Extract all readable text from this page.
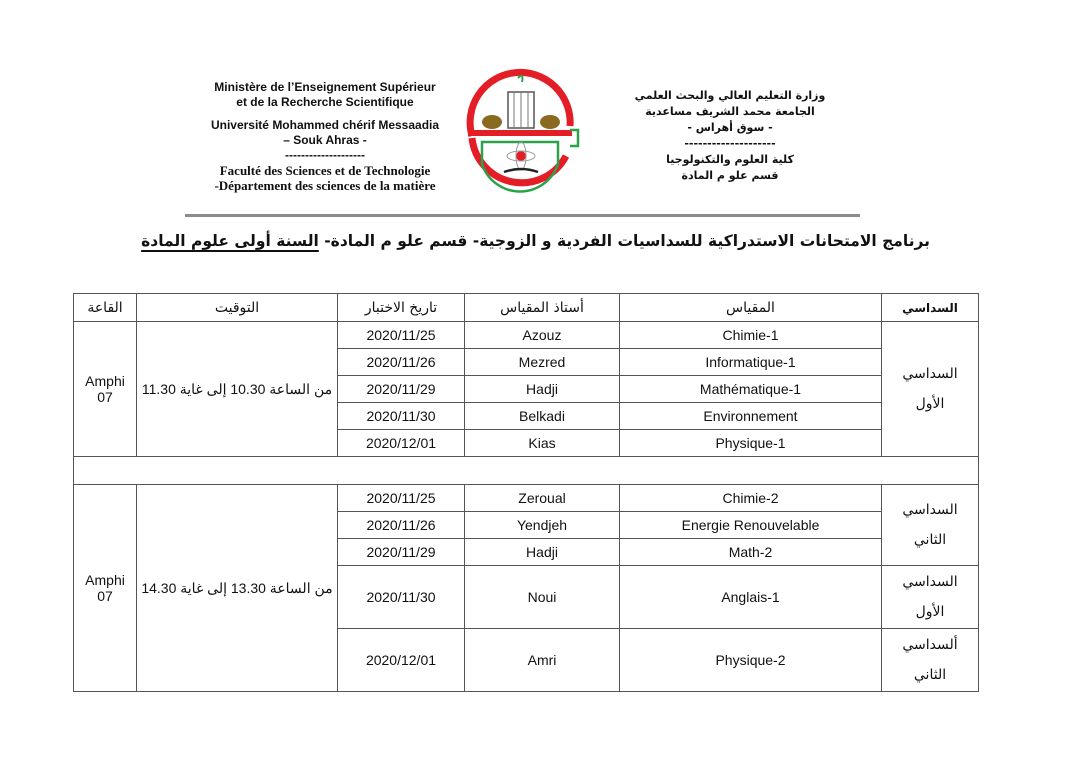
Ministère de l’Enseignement Supérieur
et de la Recherche Scientifique
Université Mohammed chérif Messaadia
– Souk Ahras -
--------------------
Faculté des Sciences et de Technologie
-Département des sciences de la matière
وزارة التعليم العالي والبحث العلمي
الجامعة محمد الشريف مساعدية
- سوق أهراس -
--------------------
كلية العلوم والتكنولوجيا
قسم علو م المادة
برنامج الامتحانات الاستدراكية للسداسيات الفردية و الزوجية- قسم علو م المادة- السنة أولى علوم المادة
القاعة	التوقيت	تاريخ الاختبار	أستاذ المقياس	المقياس	السداسي
Amphi 07	من الساعة 10.30 إلى غاية 11.30	2020/11/25	Azouz	Chimie-1	السداسي الأول
		2020/11/26	Mezred	Informatique-1	
		2020/11/29	Hadji	Mathématique-1	
		2020/11/30	Belkadi	Environnement	
		2020/12/01	Kias	Physique-1	

Amphi 07	من الساعة 13.30 إلى غاية 14.30	2020/11/25	Zeroual	Chimie-2	السداسي الثاني
		2020/11/26	Yendjeh	Energie Renouvelable	
		2020/11/29	Hadji	Math-2	
		2020/11/30	Noui	Anglais-1	السداسي الأول
		2020/12/01	Amri	Physique-2	ألسداسي الثاني
